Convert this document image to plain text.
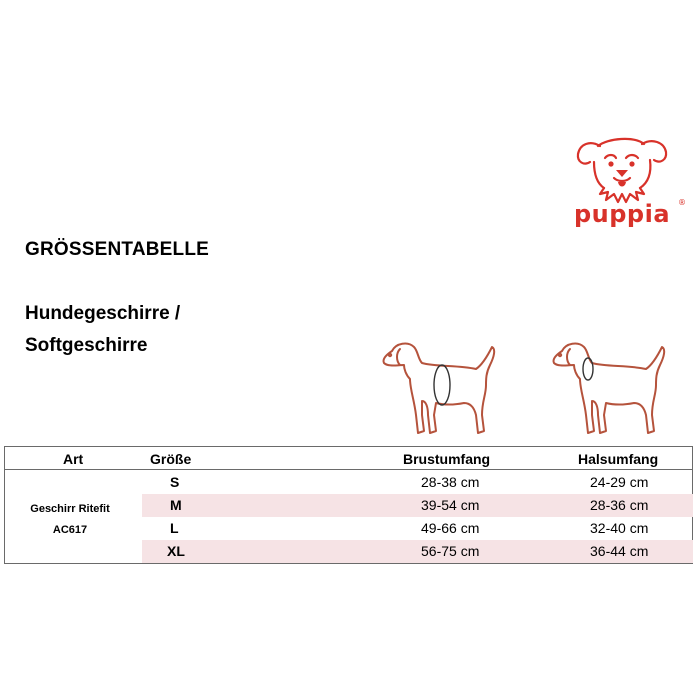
puppia ®
GRÖSSENTABELLE
Hundegeschirre /
Softgeschirre
Art	Größe	Brustumfang	Halsumfang
Geschirr Ritefit
AC617
S	28-38 cm	24-29 cm
M	39-54 cm	28-36 cm
L	49-66 cm	32-40 cm
XL	56-75 cm	36-44 cm
